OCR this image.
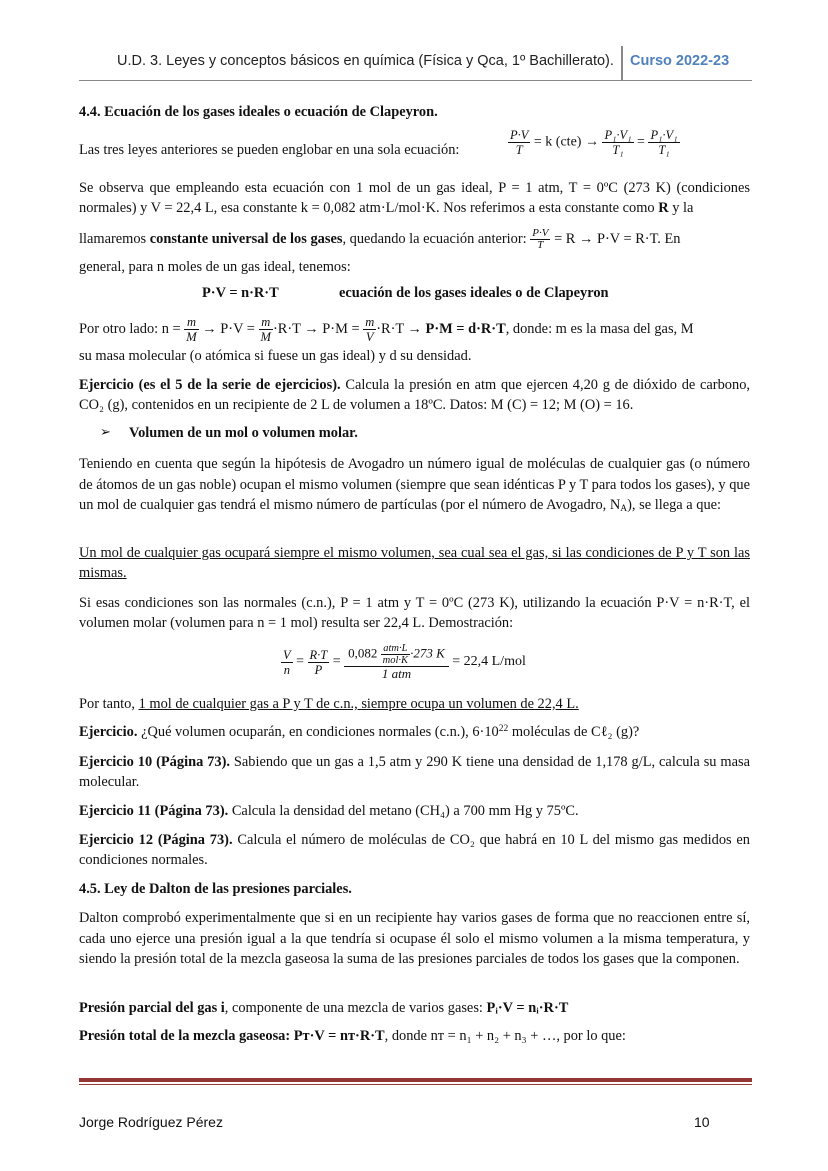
U.D. 3. Leyes y conceptos básicos en química (Física y Qca, 1º Bachillerato). Curso 2022-23
4.4. Ecuación de los gases ideales o ecuación de Clapeyron.
Las tres leyes anteriores se pueden englobar en una sola ecuación:	$\frac{P\cdot V}{T} = k$ $(cte) \to \frac{\text{P₁·V₁}}{\text{T₁}} = \frac{\text{P₁·V₁}}{\text{T₁}}$
Se observa que empleando esta ecuación con 1 mol de un gas ideal, P = 1 atm, T = 0ºC (273 K) (condiciones normales) y V = 22,4 L, esa constante k = 0,082 atm·L/mol·K. Nos referimos a esta constante como R y la
llamaremos constante universal de los gases, quedando la ecuación anterior: $\frac{P\cdot V}{T} = R \to P\cdot V = R\cdot T$. En
general, para n moles de un gas ideal, tenemos:
P·V = n·R·T	ecuación de los gases ideales o de Clapeyron
Por otro lado: $n = \frac{m}{M} \to P\cdot V = \frac{m}{M} \cdot R\cdot T \to P\cdot M = \frac{m}{V} \cdot R\cdot T \to P\cdot M = d\cdot R\cdot T$, donde: m es la masa del gas, M
su masa molecular (o atómica si fuese un gas ideal) y d su densidad.
Ejercicio (es el 5 de la serie de ejercicios). Calcula la presión en atm que ejercen 4,20 g de dióxido de carbono, CO₂ (g), contenidos en un recipiente de 2 L de volumen a 18ºC. Datos: M (C) = 12; M (O) = 16.
➢ Volumen de un mol o volumen molar.
Teniendo en cuenta que según la hipótesis de Avogadro un número igual de moléculas de cualquier gas (o número de átomos de un gas noble) ocupan el mismo volumen (siempre que sean idénticas P y T para todos los gases), y que un mol de cualquier gas tendrá el mismo número de partículas (por el número de Avogadro, $N_A$), se llega a que:
Un mol de cualquier gas ocupará siempre el mismo volumen, sea cual sea el gas, si las condiciones de P y T son las mismas.
Si esas condiciones son las normales (c.n.), P = 1 atm y T = 0ºC (273 K), utilizando la ecuación P·V = n·R·T, el volumen molar (volumen para n = 1 mol) resulta ser 22,4 L. Demostración:
$\frac{V}{n} = \frac{R\cdot T}{P} = \frac{0,082 \frac{\text{atm·L}}{\text{mol·K}} \cdot 273 K}{\text{1 atm}} = 22,4$ L/mol
Por tanto, 1 mol de cualquier gas a P y T de c.n., siempre ocupa un volumen de 22,4 L.
Ejercicio. ¿Qué volumen ocuparán, en condiciones normales (c.n.), $6\cdot 10^{22}$ moléculas de Cℓ₂ (g)?
Ejercicio 10 (Página 73). Sabiendo que un gas a 1,5 atm y 290 K tiene una densidad de 1,178 g/L, calcula su masa molecular.
Ejercicio 11 (Página 73). Calcula la densidad del metano (CH₄) a 700 mm Hg y 75ºC.
Ejercicio 12 (Página 73). Calcula el número de moléculas de CO₂ que habrá en 10 L del mismo gas medidos en condiciones normales.
4.5. Ley de Dalton de las presiones parciales.
Dalton comprobó experimentalmente que si en un recipiente hay varios gases de forma que no reaccionen entre sí, cada uno ejerce una presión igual a la que tendría si ocupase él solo el mismo volumen a la misma temperatura, y siendo la presión total de la mezcla gaseosa la suma de las presiones parciales de todos los gases que la componen.
Presión parcial del gas i, componente de una mezcla de varios gases: Pᵢ·V = nᵢ·R·T
Presión total de la mezcla gaseosa: Pᴛ·V = nᴛ·R·T, donde nᴛ = n₁ + n₂ + n₃ + …, por lo que:
Jorge Rodríguez Pérez	10
